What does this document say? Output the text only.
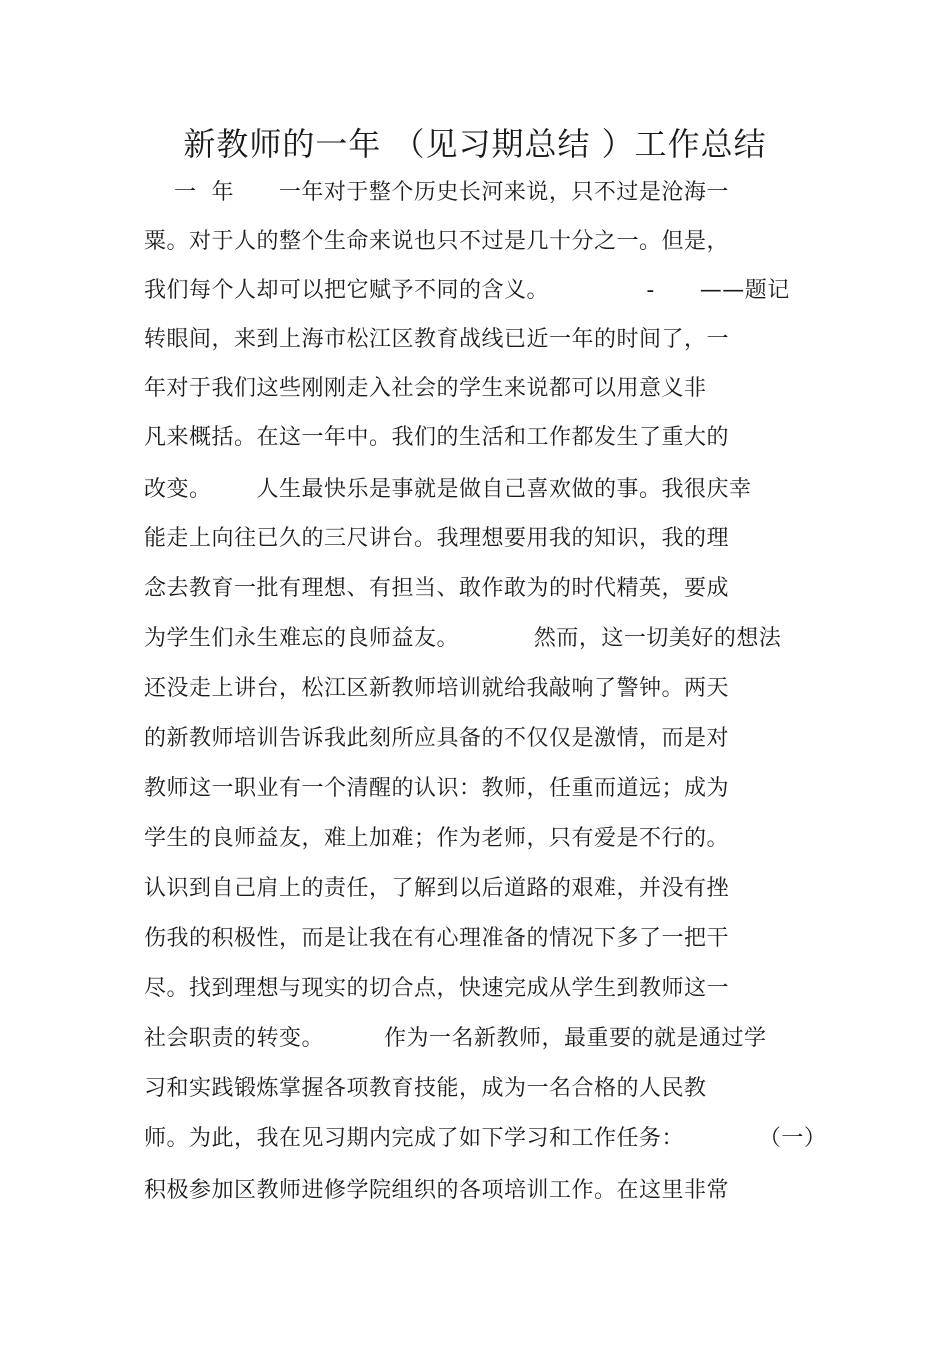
新教师的一年 （见习期总结 ）工作总结
一  年      一年对于整个历史长河来说，只不过是沧海一
粟。对于人的整个生命来说也只不过是几十分之一。但是，
我们每个人却可以把它赋予不同的含义。             -      ——题记
转眼间，来到上海市松江区教育战线已近一年的时间了，一
年对于我们这些刚刚走入社会的学生来说都可以用意义非
凡来概括。在这一年中。我们的生活和工作都发生了重大的
改变。      人生最快乐是事就是做自己喜欢做的事。我很庆幸
能走上向往已久的三尺讲台。我理想要用我的知识，我的理
念去教育一批有理想、有担当、敢作敢为的时代精英，要成
为学生们永生难忘的良师益友。          然而，这一切美好的想法
还没走上讲台，松江区新教师培训就给我敲响了警钟。两天
的新教师培训告诉我此刻所应具备的不仅仅是激情，而是对
教师这一职业有一个清醒的认识：教师，任重而道远；成为
学生的良师益友，难上加难；作为老师，只有爱是不行的。
认识到自己肩上的责任，了解到以后道路的艰难，并没有挫
伤我的积极性，而是让我在有心理准备的情况下多了一把干
尽。找到理想与现实的切合点，快速完成从学生到教师这一
社会职责的转变。        作为一名新教师，最重要的就是通过学
习和实践锻炼掌握各项教育技能，成为一名合格的人民教
师。为此，我在见习期内完成了如下学习和工作任务：          （一）
积极参加区教师进修学院组织的各项培训工作。在这里非常
